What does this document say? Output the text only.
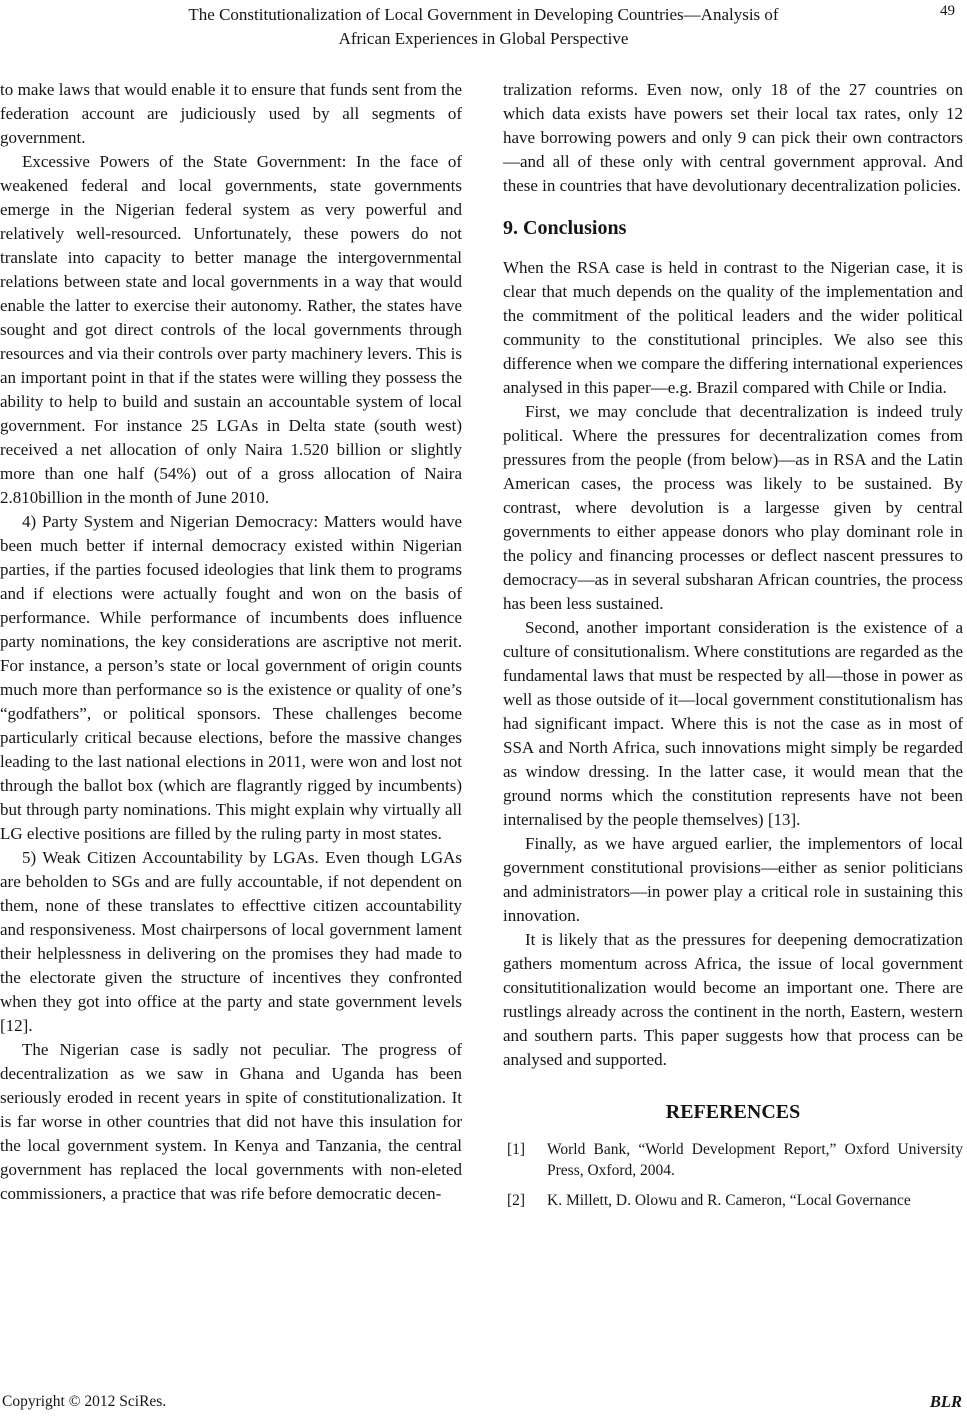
The Constitutionalization of Local Government in Developing Countries—Analysis of
African Experiences in Global Perspective
49

to make laws that would enable it to ensure that funds sent from the federation account are judiciously used by all segments of government.

Excessive Powers of the State Government: In the face of weakened federal and local governments, state governments emerge in the Nigerian federal system as very powerful and relatively well-resourced. Unfortunately, these powers do not translate into capacity to better manage the intergovernmental relations between state and local governments in a way that would enable the latter to exercise their autonomy. Rather, the states have sought and got direct controls of the local governments through resources and via their controls over party machinery levers. This is an important point in that if the states were willing they possess the ability to help to build and sustain an accountable system of local government. For instance 25 LGAs in Delta state (south west) received a net allocation of only Naira 1.520 billion or slightly more than one half (54%) out of a gross allocation of Naira 2.810billion in the month of June 2010.

4) Party System and Nigerian Democracy: Matters would have been much better if internal democracy existed within Nigerian parties, if the parties focused ideologies that link them to programs and if elections were actually fought and won on the basis of performance. While performance of incumbents does influence party nominations, the key considerations are ascriptive not merit. For instance, a person’s state or local government of origin counts much more than performance so is the existence or quality of one’s “godfathers”, or political sponsors. These challenges become particularly critical because elections, before the massive changes leading to the last national elections in 2011, were won and lost not through the ballot box (which are flagrantly rigged by incumbents) but through party nominations. This might explain why virtually all LG elective positions are filled by the ruling party in most states.

5) Weak Citizen Accountability by LGAs. Even though LGAs are beholden to SGs and are fully accountable, if not dependent on them, none of these translates to effecttive citizen accountability and responsiveness. Most chairpersons of local government lament their helplessness in delivering on the promises they had made to the electorate given the structure of incentives they confronted when they got into office at the party and state government levels [12].

The Nigerian case is sadly not peculiar. The progress of decentralization as we saw in Ghana and Uganda has been seriously eroded in recent years in spite of constitutionalization. It is far worse in other countries that did not have this insulation for the local government system. In Kenya and Tanzania, the central government has replaced the local governments with non-eleted commissioners, a practice that was rife before democratic decen-

tralization reforms. Even now, only 18 of the 27 countries on which data exists have powers set their local tax rates, only 12 have borrowing powers and only 9 can pick their own contractors—and all of these only with central government approval. And these in countries that have devolutionary decentralization policies.

9. Conclusions

When the RSA case is held in contrast to the Nigerian case, it is clear that much depends on the quality of the implementation and the commitment of the political leaders and the wider political community to the constitutional principles. We also see this difference when we compare the differing international experiences analysed in this paper—e.g. Brazil compared with Chile or India.

First, we may conclude that decentralization is indeed truly political. Where the pressures for decentralization comes from pressures from the people (from below)—as in RSA and the Latin American cases, the process was likely to be sustained. By contrast, where devolution is a largesse given by central governments to either appease donors who play dominant role in the policy and financing processes or deflect nascent pressures to democracy—as in several subsharan African countries, the process has been less sustained.

Second, another important consideration is the existence of a culture of consitutionalism. Where constitutions are regarded as the fundamental laws that must be respected by all—those in power as well as those outside of it—local government constitutionalism has had significant impact. Where this is not the case as in most of SSA and North Africa, such innovations might simply be regarded as window dressing. In the latter case, it would mean that the ground norms which the constitution represents have not been internalised by the people themselves) [13].

Finally, as we have argued earlier, the implementors of local government constitutional provisions—either as senior politicians and administrators—in power play a critical role in sustaining this innovation.

It is likely that as the pressures for deepening democratization gathers momentum across Africa, the issue of local government consitutitionalization would become an important one. There are rustlings already across the continent in the north, Eastern, western and southern parts. This paper suggests how that process can be analysed and supported.

REFERENCES
[1] World Bank, “World Development Report,” Oxford University Press, Oxford, 2004.
[2] K. Millett, D. Olowu and R. Cameron, “Local Governance
Copyright © 2012 SciRes.	BLR
